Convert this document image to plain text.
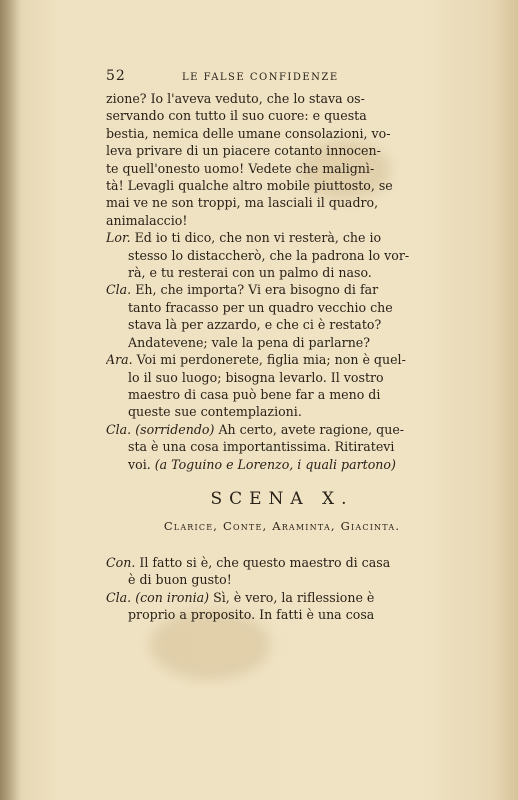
52	LE FALSE CONFIDENZE
zione? Io l'aveva veduto, che lo stava os-
servando con tutto il suo cuore: e questa
bestia, nemica delle umane consolazioni, vo-
leva privare di un piacere cotanto innocen-
te quell'onesto uomo! Vedete che malignì-
tà! Levagli qualche altro mobile piuttosto, se
mai ve ne son troppi, ma lasciali il quadro,
animalaccio!
Lor. Ed io ti dico, che non vi resterà, che io
stesso lo distaccherò, che la padrona lo vor-
rà, e tu resterai con un palmo di naso.
Cla. Eh, che importa? Vi era bisogno di far
tanto fracasso per un quadro vecchio che
stava là per azzardo, e che ci è restato?
Andatevene; vale la pena di parlarne?
Ara. Voi mi perdonerete, figlia mia; non è quel-
lo il suo luogo; bisogna levarlo. Il vostro
maestro di casa può bene far a meno di
queste sue contemplazioni.
Cla. (sorridendo) Ah certo, avete ragione, que-
sta è una cosa importantissima. Ritiratevi
voi. (a Toguino e Lorenzo, i quali partono)
SCENA X.
Clarice, Conte, Araminta, Giacinta.
Con. Il fatto si è, che questo maestro di casa
è di buon gusto!
Cla. (con ironia) Sì, è vero, la riflessione è
proprio a proposito. In fatti è una cosa
